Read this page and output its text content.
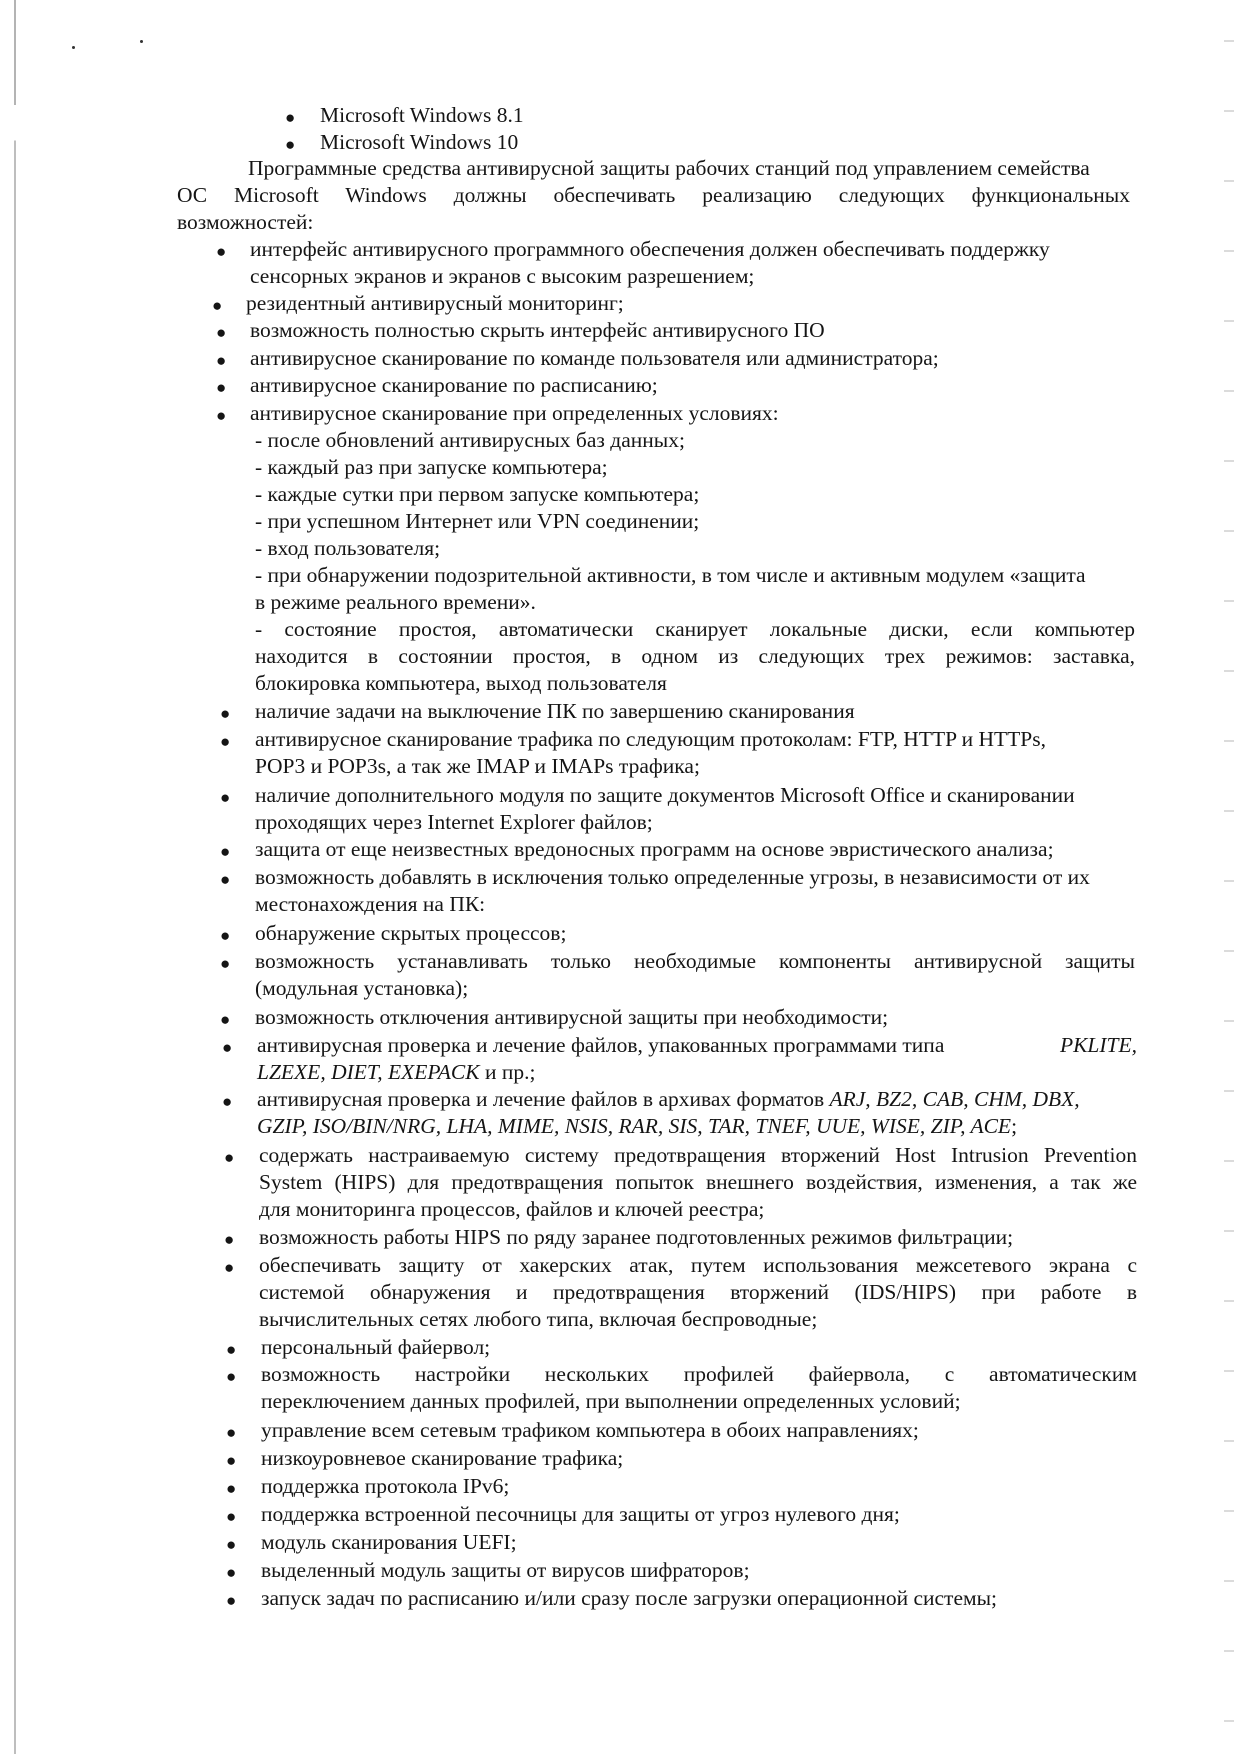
● Microsoft Windows 8.1
● Microsoft Windows 10
Программные средства антивирусной защиты рабочих станций под управлением семейства
ОС Microsoft Windows должны обеспечивать реализацию следующих функциональных
возможностей:
● интерфейс антивирусного программного обеспечения должен обеспечивать поддержку
сенсорных экранов и экранов с высоким разрешением;
● резидентный антивирусный мониторинг;
● возможность полностью скрыть интерфейс антивирусного ПО
● антивирусное сканирование по команде пользователя или администратора;
● антивирусное сканирование по расписанию;
● антивирусное сканирование при определенных условиях:
- после обновлений антивирусных баз данных;
- каждый раз при запуске компьютера;
- каждые сутки при первом запуске компьютера;
- при успешном Интернет или VPN соединении;
- вход пользователя;
- при обнаружении подозрительной активности, в том числе и активным модулем «защита
в режиме реального времени».
- состояние простоя, автоматически сканирует локальные диски, если компьютер
находится в состоянии простоя, в одном из следующих трех режимов: заставка,
блокировка компьютера, выход пользователя
● наличие задачи на выключение ПК по завершению сканирования
● антивирусное сканирование трафика по следующим протоколам: FTP, HTTP и HTTPs,
POP3 и POP3s, а так же IMAP и IMAPs трафика;
● наличие дополнительного модуля по защите документов Microsoft Office и сканировании
проходящих через Internet Explorer файлов;
● защита от еще неизвестных вредоносных программ на основе эвристического анализа;
● возможность добавлять в исключения только определенные угрозы, в независимости от их
местонахождения на ПК:
● обнаружение скрытых процессов;
● возможность устанавливать только необходимые компоненты антивирусной защиты
(модульная установка);
● возможность отключения антивирусной защиты при необходимости;
● антивирусная проверка и лечение файлов, упакованных программами типа	PKLITE,
LZEXE, DIET, EXEPACK и пр.;
● антивирусная проверка и лечение файлов в архивах форматов ARJ, BZ2, CAB, CHM, DBX,
GZIP, ISO/BIN/NRG, LHA, MIME, NSIS, RAR, SIS, TAR, TNEF, UUE, WISE, ZIP, ACE;
● содержать настраиваемую систему предотвращения вторжений Host Intrusion Prevention
System (HIPS) для предотвращения попыток внешнего воздействия, изменения, а так же
для мониторинга процессов, файлов и ключей реестра;
● возможность работы HIPS по ряду заранее подготовленных режимов фильтрации;
● обеспечивать защиту от хакерских атак, путем использования межсетевого экрана с
системой обнаружения и предотвращения вторжений (IDS/HIPS) при работе в
вычислительных сетях любого типа, включая беспроводные;
● персональный файервол;
● возможность настройки нескольких профилей файервола, с автоматическим
переключением данных профилей, при выполнении определенных условий;
● управление всем сетевым трафиком компьютера в обоих направлениях;
● низкоуровневое сканирование трафика;
● поддержка протокола IPv6;
● поддержка встроенной песочницы для защиты от угроз нулевого дня;
● модуль сканирования UEFI;
● выделенный модуль защиты от вирусов шифраторов;
● запуск задач по расписанию и/или сразу после загрузки операционной системы;
